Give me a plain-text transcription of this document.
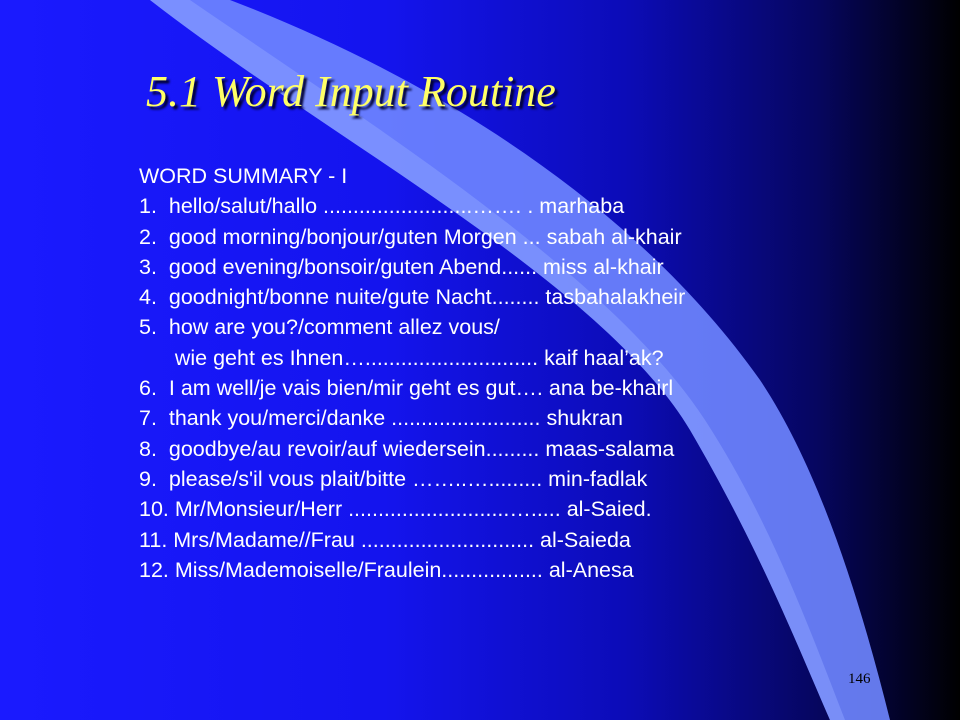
5.1 Word Input Routine
WORD SUMMARY - I
1.  hello/salut/hallo .........................……. . marhaba
2.  good morning/bonjour/guten Morgen ... sabah al-khair
3.  good evening/bonsoir/guten Abend...... miss al-khair
4.  goodnight/bonne nuite/gute Nacht........ tasbahalakheir
5.  how are you?/comment allez vous/
wie geht es Ihnen…............................. kaif haal’ak?
6.  I am well/je vais bien/mir geht es gut…. ana be-khairl
7.  thank you/merci/danke ......................... shukran
8.  goodbye/au revoir/auf wiedersein......... maas-salama
9.  please/s'il vous plait/bitte ……..…......... min-fadlak
10. Mr/Monsieur/Herr ...........................…..... al-Saied.
11. Mrs/Madame//Frau ............................. al-Saieda
12. Miss/Mademoiselle/Fraulein................. al-Anesa
146
